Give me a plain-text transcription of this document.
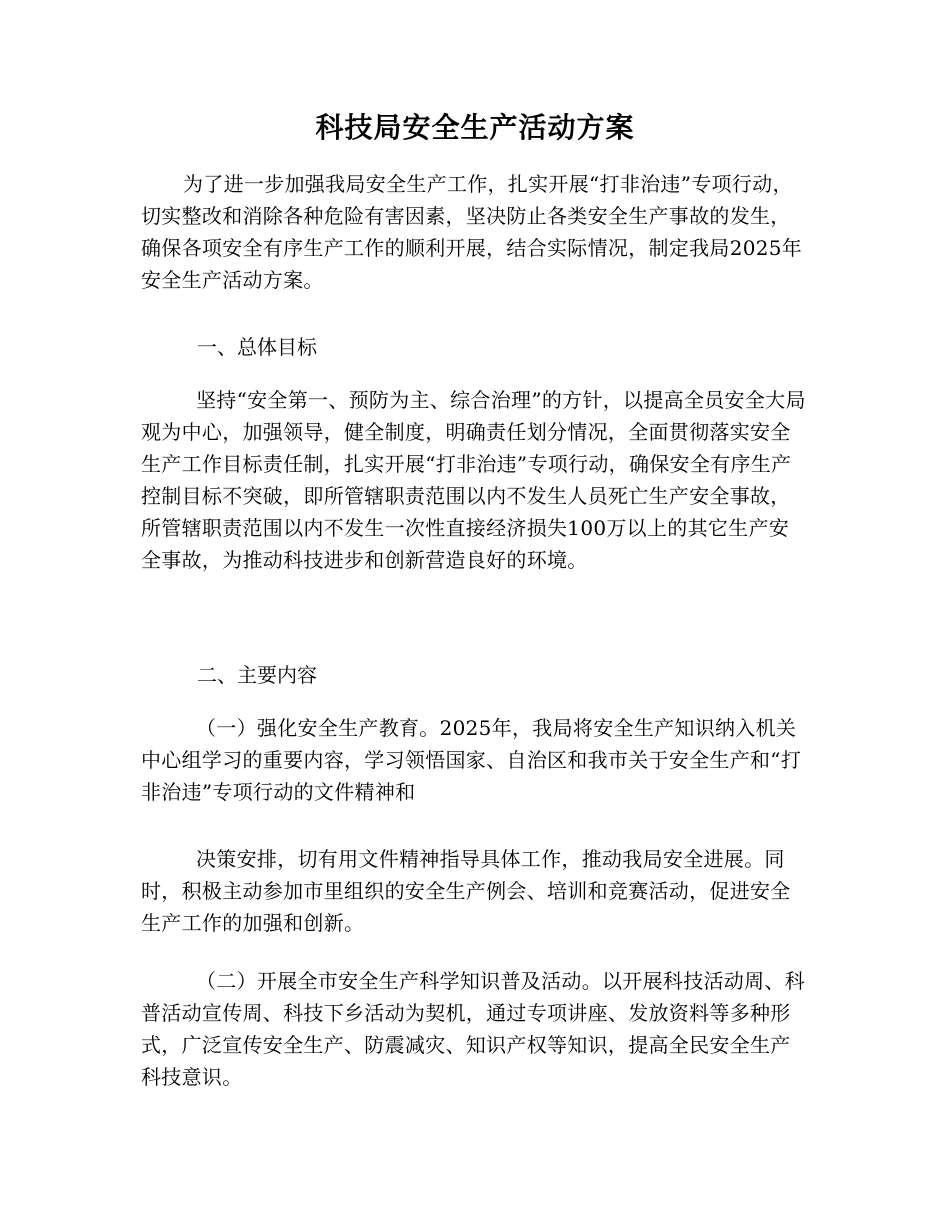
科技局安全生产活动方案

为了进一步加强我局安全生产工作，扎实开展“打非治违”专项行动，切实整改和消除各种危险有害因素，坚决防止各类安全生产事故的发生，确保各项安全有序生产工作的顺利开展，结合实际情况，制定我局2025年安全生产活动方案。

一、总体目标

坚持“安全第一、预防为主、综合治理”的方针，以提高全员安全大局观为中心，加强领导，健全制度，明确责任划分情况，全面贯彻落实安全生产工作目标责任制，扎实开展“打非治违”专项行动，确保安全有序生产控制目标不突破，即所管辖职责范围以内不发生人员死亡生产安全事故，所管辖职责范围以内不发生一次性直接经济损失100万以上的其它生产安全事故，为推动科技进步和创新营造良好的环境。

二、主要内容

（一）强化安全生产教育。2025年，我局将安全生产知识纳入机关中心组学习的重要内容，学习领悟国家、自治区和我市关于安全生产和“打非治违”专项行动的文件精神和

决策安排，切有用文件精神指导具体工作，推动我局安全进展。同时，积极主动参加市里组织的安全生产例会、培训和竞赛活动，促进安全生产工作的加强和创新。

（二）开展全市安全生产科学知识普及活动。以开展科技活动周、科普活动宣传周、科技下乡活动为契机，通过专项讲座、发放资料等多种形式，广泛宣传安全生产、防震减灾、知识产权等知识，提高全民安全生产科技意识。
